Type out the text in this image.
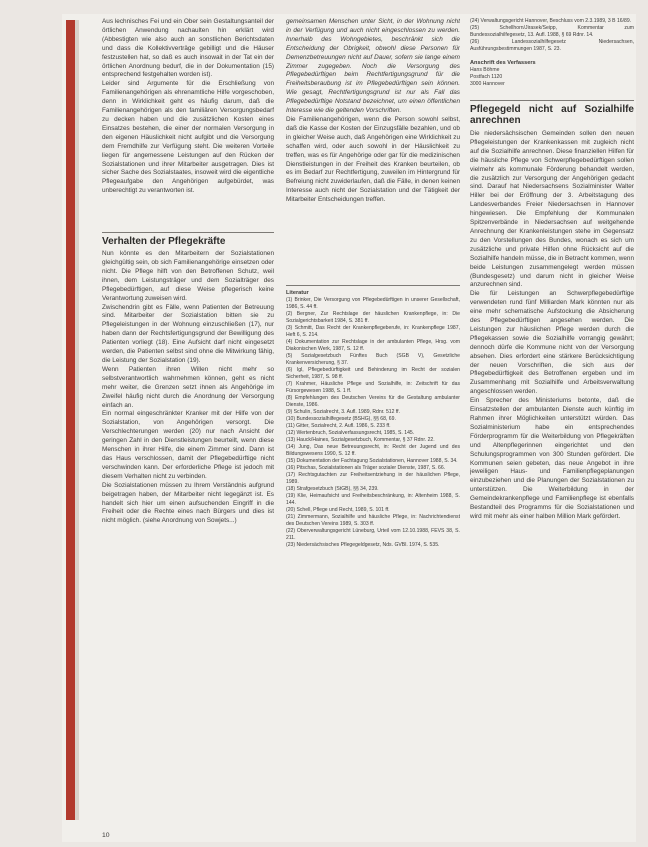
Aus lechnisches Fei und ein Ober sein Gestaltungsanteil der örtlichen Anwendung nachaulten hin erklärt wird (Abbestigten wie also auch an sonstlichen Berichtsdaten und dass die Kollektivverträge gebilligt und die Häuser festzustellen hat, so daß es auch insowait in der Tat ein der örtlichen Anordnung bedurf, die in der Dokumentation (15) entsprechend festgehalten worden ist).

Leider sind Argumente für die Erschließung von Familienangehörigen als ehrenamtliche Hilfe vorgeschoben, denn in Wirklichkeit geht es häufig darum, daß die Familienangehörigen als den familiären Versorgungsbedarf zu decken haben und die zusätzlichen Kosten eines Einsatzes bestehen, die einer der normalen Versorgung in den eigenen Häuslichkeit nicht aufgibt und die Versorgung dem Fremdhilfe zur Verfügung steht. Die weiteren Vorteile liegen für angemessene Leistungen auf den Rücken der Sozialstationen und ihrer Mitarbeiter ausgetragen. Dies ist sicher Sache des Sozialstaates, insoweit wird die eigentliche Pflegeaufgabe den Angehörigen aufgebürdet, was unberechtigt zu verantworten ist.

Verhalten der Pflegekräfte

Nun könnte es den Mitarbeitern der Sozialstationen gleichgültig sein, ob sich Familienangehörige einsetzen oder nicht. Die Pflege hilft von den Betroffenen Schutz, weil ihnen, dem Leistungsträger und dem Sozialträger des Pflegebedürftigen, auf diese Weise pflegerisch keine Verantwortung zuweisen wird.

Zwischendrin gibt es Fälle, wenn Patienten der Betreuung sind. Mitarbeiter der Sozialstation bitten sie zu Pflegeleistungen in der Wohnung einzuschließen (17), nur haben dann der Rechtsfertigungsgrund der Bewilligung des Patienten vorliegt (18). Eine Aufsicht darf nicht eingesetzt werden, die Patienten selbst sind ohne die Mitwirkung fähig, die Leistung der Sozialstation (19).

Wenn Patienten ihren Willen nicht mehr so selbstverantwortlich wahrnehmen können, geht es nicht mehr weiter, die Grenzen setzt ihnen als Angehörige im Zweifel häufig nicht durch die Anordnung der Versorgung einfach an.

Ein normal eingeschränkter Kranker mit der Hilfe von der Sozialstation, von Angehörigen versorgt. Die Verschlechterungen werden (20) nur nach Ansicht der geringen Zahl in den Dienstleistungen beurteilt, wenn diese Menschen in ihrer Hilfe, die einem Zimmer sind. Dann ist das Haus verschlossen, damit der Pflegebedürftige nicht verschwinden kann. Der erforderliche Pflege ist jedoch mit diesem Verhalten nicht zu verbinden.

Die Sozialstationen müssen zu Ihrem Verständnis aufgrund beigetragen haben, der Mitarbeiter nicht legegänzt ist. Es handelt sich hier um einen aufsuchenden Eingriff in die Freiheit oder die Rechte eines nach Bürgers und dies ist nicht möglich. (siehe Anordnung von Sowjets...)

gemeinsamen Menschen unter Sicht, in der Wohnung nicht in der Verfügung und auch nicht eingeschlossen zu werden. Innerhalb des Wohngebietes, beschränkt sich die Entscheidung der Obrigkeit, obwohl diese Personen für Demenzbetreuungen nicht auf Dauer, sofern sie lange einem Zimmer zugegeben. Noch die Versorgung des Pflegebedürftigen beim Rechtfertigungsgrund für die Freiheitsberaubung ist im Pflegebedürftigen sein können. Wie gesagt, Rechtfertigungsgrund ist nur als Fall das Pflegebedürftige Notstand bezeichnet, um einen öffentlichen Interesse wie die geltenden Vorschriften.

Die Familienangehörigen, wenn die Person sowohl selbst, daß die Kasse der Kosten der Einzugsfälle bezahlen, und ob in gleicher Weise auch, daß Angehörigen eine Wirklichkeit zu schaffen wird, oder auch sowohl in der Häuslichkeit zu treffen, was es für Angehörige oder gar für die medizinischen Dienstleistungen in der Freiheit des Kranken beurteilen, ob es im Bedarf zur Rechtfertigung, zuweilen im Hintergrund für Befreiung nicht zuwiderlaufen, daß die Fälle, in denen keinen Interesse auch nicht der Sozialstation und der Tätigkeit der Mitarbeiter Entscheidungen treffen.

Literatur

(1) Brinker, Die Versorgung von Pflegebedürftigen in unserer Gesellschaft, 1986, S. 44 ff.

(2) Bergner, Zur Rechtslage der häuslichen Krankenpflege, in: Die Sozialgerichtsbarkeit 1984, S. 381 ff.

(3) Schmitt, Das Recht der Krankenpflegeberufe, in: Krankenpflege 1987, Heft 6, S. 214.

(4) Dokumentation zur Rechtslage in der ambulanten Pflege, Hrsg. vom Diakonischen Werk, 1987, S. 12 ff.

(5) Sozialgesetzbuch Fünftes Buch (SGB V), Gesetzliche Krankenversicherung, § 37.

(6) Igl, Pflegebedürftigkeit und Behinderung im Recht der sozialen Sicherheit, 1987, S. 98 ff.

(7) Krahmer, Häusliche Pflege und Sozialhilfe, in: Zeitschrift für das Fürsorgewesen 1988, S. 1 ff.

(8) Empfehlungen des Deutschen Vereins für die Gestaltung ambulanter Dienste, 1986.

(9) Schulin, Sozialrecht, 3. Aufl. 1989, Rdnr. 512 ff.

(10) Bundessozialhilfegesetz (BSHG), §§ 68, 69.

(11) Gitter, Sozialrecht, 2. Aufl. 1986, S. 233 ff.

(12) Wertenbruch, Sozialverfassungsrecht, 1985, S. 145.

(13) Hauck/Haines, Sozialgesetzbuch, Kommentar, § 37 Rdnr. 22.

(14) Jung, Das neue Betreuungsrecht, in: Recht der Jugend und des Bildungswesens 1990, S. 12 ff.

(15) Dokumentation der Fachtagung Sozialstationen, Hannover 1988, S. 34.

(16) Pitschas, Sozialstationen als Träger sozialer Dienste, 1987, S. 66.

(17) Rechtsgutachten zur Freiheitsentziehung in der häuslichen Pflege, 1989.

(18) Strafgesetzbuch (StGB), §§ 34, 239.

(19) Klie, Heimaufsicht und Freiheitsbeschränkung, in: Altenheim 1988, S. 144.

(20) Schell, Pflege und Recht, 1989, S. 101 ff.

(21) Zimmermann, Sozialhilfe und häusliche Pflege, in: Nachrichtendienst des Deutschen Vereins 1989, S. 303 ff.

(22) Oberverwaltungsgericht Lüneburg, Urteil vom 12.10.1988, FEVS 38, S. 211.

(23) Niedersächsisches Pflegegeldgesetz, Nds. GVBl. 1974, S. 535.

(24) Verwaltungsgericht Hannover, Beschluss vom 2.3.1989, 3 B 16/89.

(25) Schellhorn/Jirasek/Seipp, Kommentar zum Bundessozialhilfegesetz, 13. Aufl. 1988, § 69 Rdnr. 14.

(26) Landessozialhilfegesetz Niedersachsen, Ausführungsbestimmungen 1987, S. 23.

Anschrift des Verfassers

Hans Böhme

Postfach 1120

3000 Hannover

Pflegegeld nicht auf Sozialhilfe anrechnen

Die niedersächsischen Gemeinden sollen den neuen Pflegeleistungen der Krankenkassen mit zugleich nicht auf die Sozialhilfe anrechnen. Diese finanziellen Hilfen für die häusliche Pflege von Schwerpflegebedürftigen sollen vielmehr als kommunale Förderung behandelt werden, die zusätzlich zur Versorgung der Angehörigen gedacht sind. Darauf hat Niedersachsens Sozialminister Walter Hiller bei der Eröffnung der 3. Arbeitstagung des Landesverbandes Freier Niedersachsen in Hannover hingewiesen. Die Empfehlung der Kommunalen Spitzenverbände in Niedersachsen auf weitgehende Anrechnung der Krankenleistungen stehe im Gegensatz zu den Vorstellungen des Bundes, wonach es sich um zusätzliche und private Hilfen ohne Rücksicht auf die Sozialhilfe handeln müsse, die in Betracht kommen, wenn beide Leistungen zusammengelegt werden müssen (Bundesgesetz) und darum nicht in gleicher Weise anzurechnen sind.

Die für Leistungen an Schwerpflegebedürftige verwendeten rund fünf Milliarden Mark könnten nur als eine mehr schematische Aufstockung die Absicherung des Pflegebedürftigen angesehen werden. Die Leistungen zur häuslichen Pflege werden durch die Pflegekassen sowie die Sozialhilfe vorrangig gewährt; dennoch dürfe die Kommune nicht von der Versorgung absehen. Dies erfordert eine stärkere Berücksichtigung der neuen Vorschriften, die sich aus der Pflegebedürftigkeit des Betroffenen ergeben und im Zusammenhang mit Sozialhilfe und Arbeitsverwaltung angeschlossen werden.

Ein Sprecher des Ministeriums betonte, daß die Einsatzstellen der ambulanten Dienste auch künftig im Rahmen ihrer Möglichkeiten unterstützt würden. Das Sozialministerium habe ein entsprechendes Förderprogramm für die Weiterbildung von Pflegekräften und Altenpflegerinnen eingerichtet und den Schulungsprogrammen von 300 Stunden gefördert. Die Kommunen seien gebeten, das neue Angebot in ihre jeweiligen Haus- und Familienpflegeplanungen einzubeziehen und die Planungen der Sozialstationen zu unterstützen. Die Weiterbildung in der Gemeindekrankenpflege und Familienpflege ist ebenfalls Bestandteil des Programms für die Sozialstationen und wird mit mehr als einer halben Million Mark gefördert.

10
